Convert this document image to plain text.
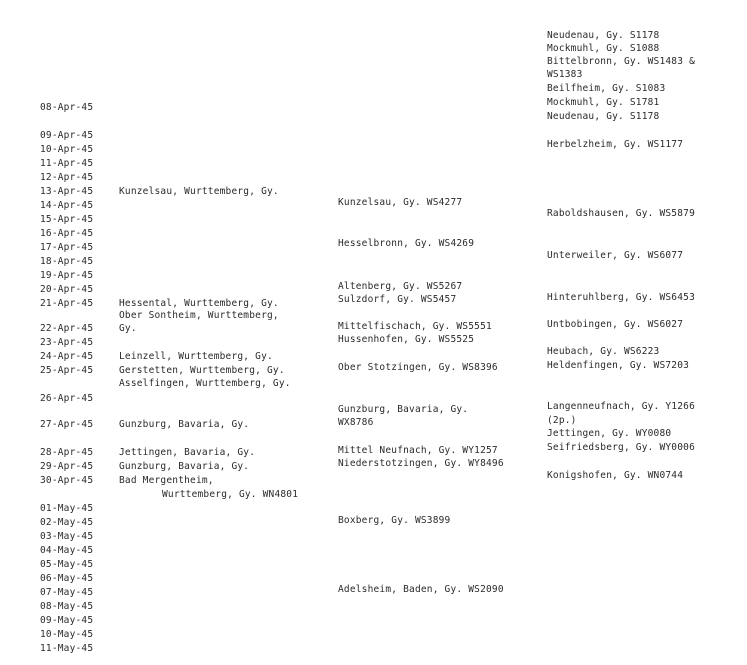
08-Apr-45
09-Apr-45
10-Apr-45
11-Apr-45
12-Apr-45
13-Apr-45
14-Apr-45
15-Apr-45
16-Apr-45
17-Apr-45
18-Apr-45
19-Apr-45
20-Apr-45
21-Apr-45
22-Apr-45
23-Apr-45
24-Apr-45
25-Apr-45
26-Apr-45
27-Apr-45
28-Apr-45
29-Apr-45
30-Apr-45
01-May-45
02-May-45
03-May-45
04-May-45
05-May-45
06-May-45
07-May-45
08-May-45
09-May-45
10-May-45
11-May-45
Kunzelsau, Wurttemberg, Gy.
Hessental, Wurttemberg, Gy.
Ober Sontheim, Wurttemberg,
Gy.
Leinzell, Wurttemberg, Gy.
Gerstetten, Wurttemberg, Gy.
Asselfingen, Wurttemberg, Gy.
Gunzburg, Bavaria, Gy.
Jettingen, Bavaria, Gy.
Gunzburg, Bavaria, Gy.
Bad Mergentheim,
Wurttemberg, Gy. WN4801
Kunzelsau, Gy. WS4277
Hesselbronn, Gy. WS4269
Altenberg, Gy. WS5267
Sulzdorf, Gy. WS5457
Mittelfischach, Gy. WS5551
Hussenhofen, Gy. WS5525
Ober Stotzingen, Gy. WS8396
Gunzburg, Bavaria, Gy.
WX8786
Mittel Neufnach, Gy. WY1257
Niederstotzingen, Gy. WY8496
Boxberg, Gy. WS3899
Adelsheim, Baden, Gy. WS2090
Neudenau, Gy. S1178
Mockmuhl, Gy. S1088
Bittelbronn, Gy. WS1483 &
WS1383
Beilfheim, Gy. S1083
Mockmuhl, Gy. S1781
Neudenau, Gy. S1178
Herbelzheim, Gy. WS1177
Raboldshausen, Gy. WS5879
Unterweiler, Gy. WS6077
Hinteruhlberg, Gy. WS6453
Untbobingen, Gy. WS6027
Heubach, Gy. WS6223
Heldenfingen, Gy. WS7203
Langenneufnach, Gy. Y1266
(2p.)
Jettingen, Gy. WY0080
Seifriedsberg, Gy. WY0006
Konigshofen, Gy. WN0744
